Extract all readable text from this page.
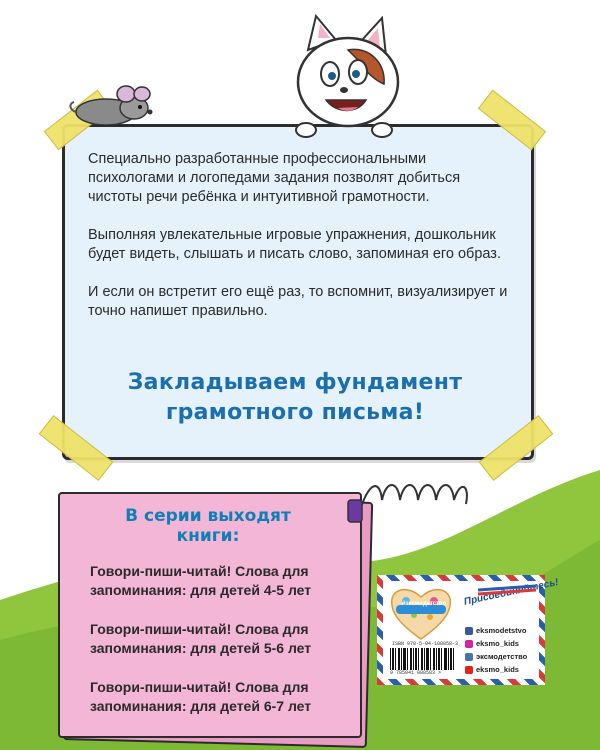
Специально разработанные профессиональными психологами и логопедами задания позволят добиться чистоты речи ребёнка и интуитивной грамотности.

Выполняя увлекательные игровые упражнения, дошкольник будет видеть, слышать и писать слово, запоминая его образ.

И если он встретит его ещё раз, то вспомнит, визуализирует и точно напишет правильно.

Закладываем фундамент
грамотного письма!
В серии выходят
книги:
Говори-пиши-читай! Слова для
запоминания: для детей 4-5 лет
Говори-пиши-читай! Слова для
запоминания: для детей 5-6 лет
Говори-пиши-читай! Слова для
запоминания: для детей 6-7 лет
#эксмодетство
ISBN 978-5-04-108858-3
9 785041 088583 >
eksmodetstvo
eksmo_kids
эксмодетство
eksmo_kids
